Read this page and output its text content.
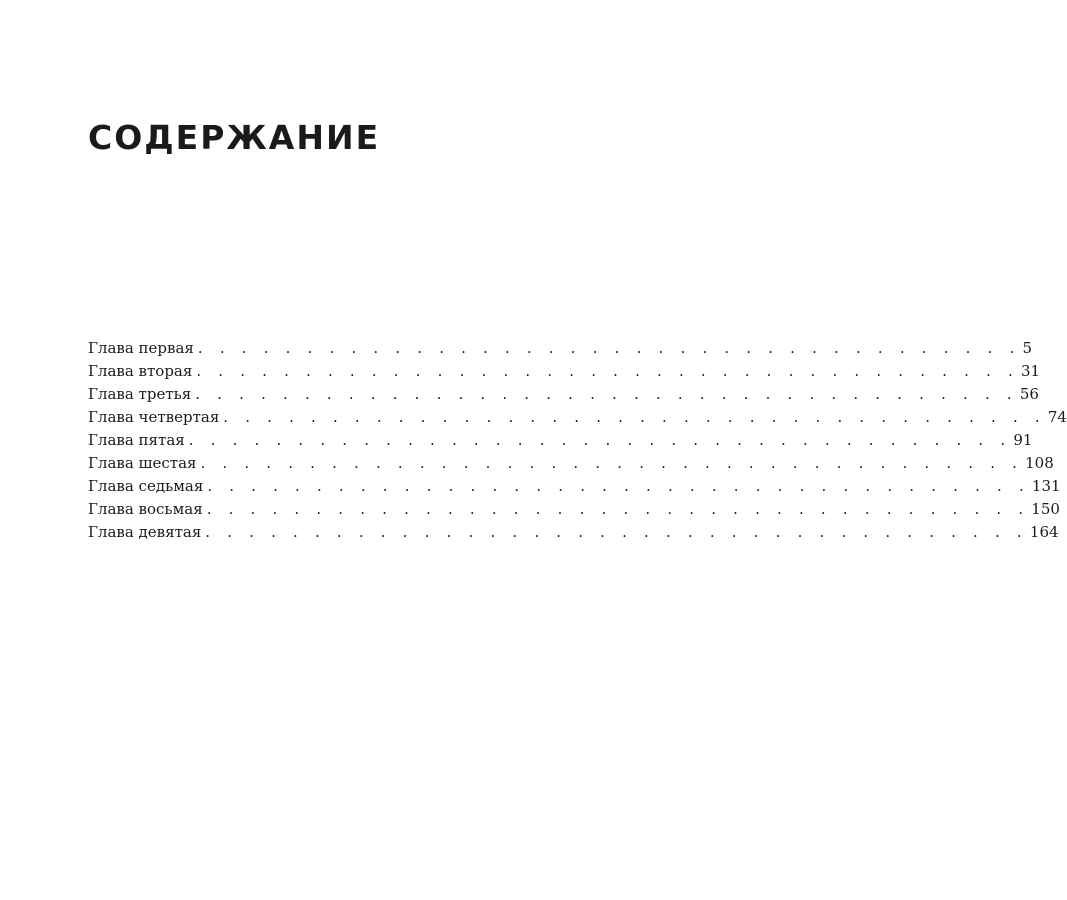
СОДЕРЖАНИЕ
Глава первая . . . . . . . . . . . . . . . . . . . . . . . . . . . . . . . . . . . . . . 5
Глава вторая . . . . . . . . . . . . . . . . . . . . . . . . . . . . . . . . . . . . . . 31
Глава третья . . . . . . . . . . . . . . . . . . . . . . . . . . . . . . . . . . . . . . 56
Глава четвертая . . . . . . . . . . . . . . . . . . . . . . . . . . . . . . . . . . . . . . 74
Глава пятая . . . . . . . . . . . . . . . . . . . . . . . . . . . . . . . . . . . . . . 91
Глава шестая . . . . . . . . . . . . . . . . . . . . . . . . . . . . . . . . . . . . . . 108
Глава седьмая . . . . . . . . . . . . . . . . . . . . . . . . . . . . . . . . . . . . . . 131
Глава восьмая . . . . . . . . . . . . . . . . . . . . . . . . . . . . . . . . . . . . . . 150
Глава девятая . . . . . . . . . . . . . . . . . . . . . . . . . . . . . . . . . . . . . . 164
